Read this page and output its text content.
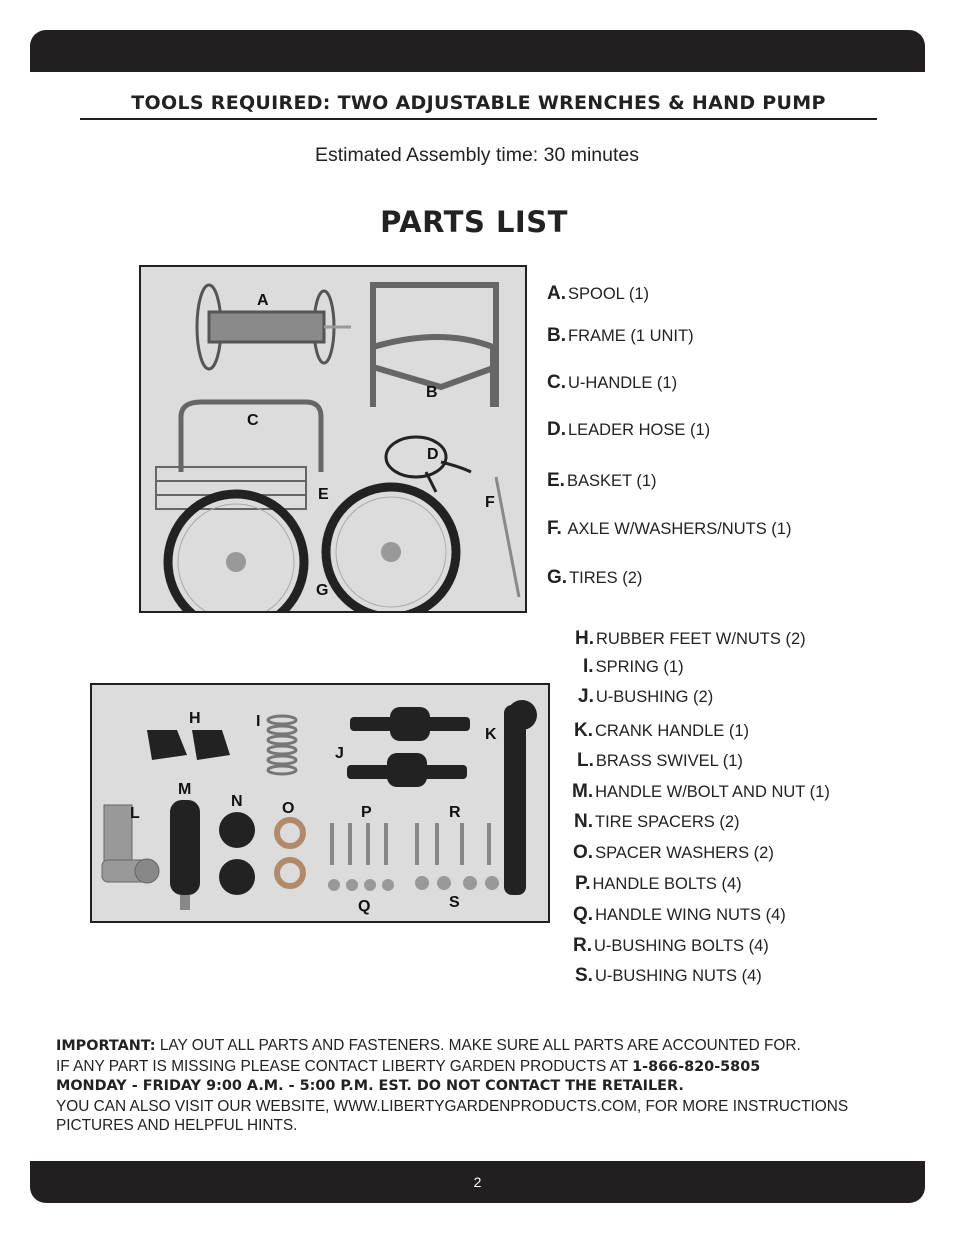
TOOLS REQUIRED: TWO ADJUSTABLE WRENCHES & HAND PUMP
Estimated Assembly time: 30 minutes
PARTS LIST
A
B
C
D
E	F
G
H	I
J
K
L
M
N O	P
Q
R
S
A. SPOOL (1)
B. FRAME (1 UNIT)
C. U-HANDLE (1)
D. LEADER HOSE (1)
E. BASKET (1)
F. AXLE W/WASHERS/NUTS (1)
G. TIRES (2)
H. RUBBER FEET W/NUTS (2)
I. SPRING (1)
J. U-BUSHING (2)
K. CRANK HANDLE (1)
L. BRASS SWIVEL (1)
M. HANDLE W/BOLT AND NUT (1)
N. TIRE SPACERS (2)
O. SPACER WASHERS (2)
P. HANDLE BOLTS (4)
Q. HANDLE WING NUTS (4)
R. U-BUSHING BOLTS (4)
S. U-BUSHING NUTS (4)
IMPORTANT: LAY OUT ALL PARTS AND FASTENERS. MAKE SURE ALL PARTS ARE ACCOUNTED FOR.
IF ANY PART IS MISSING PLEASE CONTACT LIBERTY GARDEN PRODUCTS AT 1-866-820-5805
MONDAY - FRIDAY 9:00 A.M. - 5:00 P.M. EST. DO NOT CONTACT THE RETAILER.
YOU CAN ALSO VISIT OUR WEBSITE, WWW.LIBERTYGARDENPRODUCTS.COM, FOR MORE INSTRUCTIONS
PICTURES AND HELPFUL HINTS.
2
